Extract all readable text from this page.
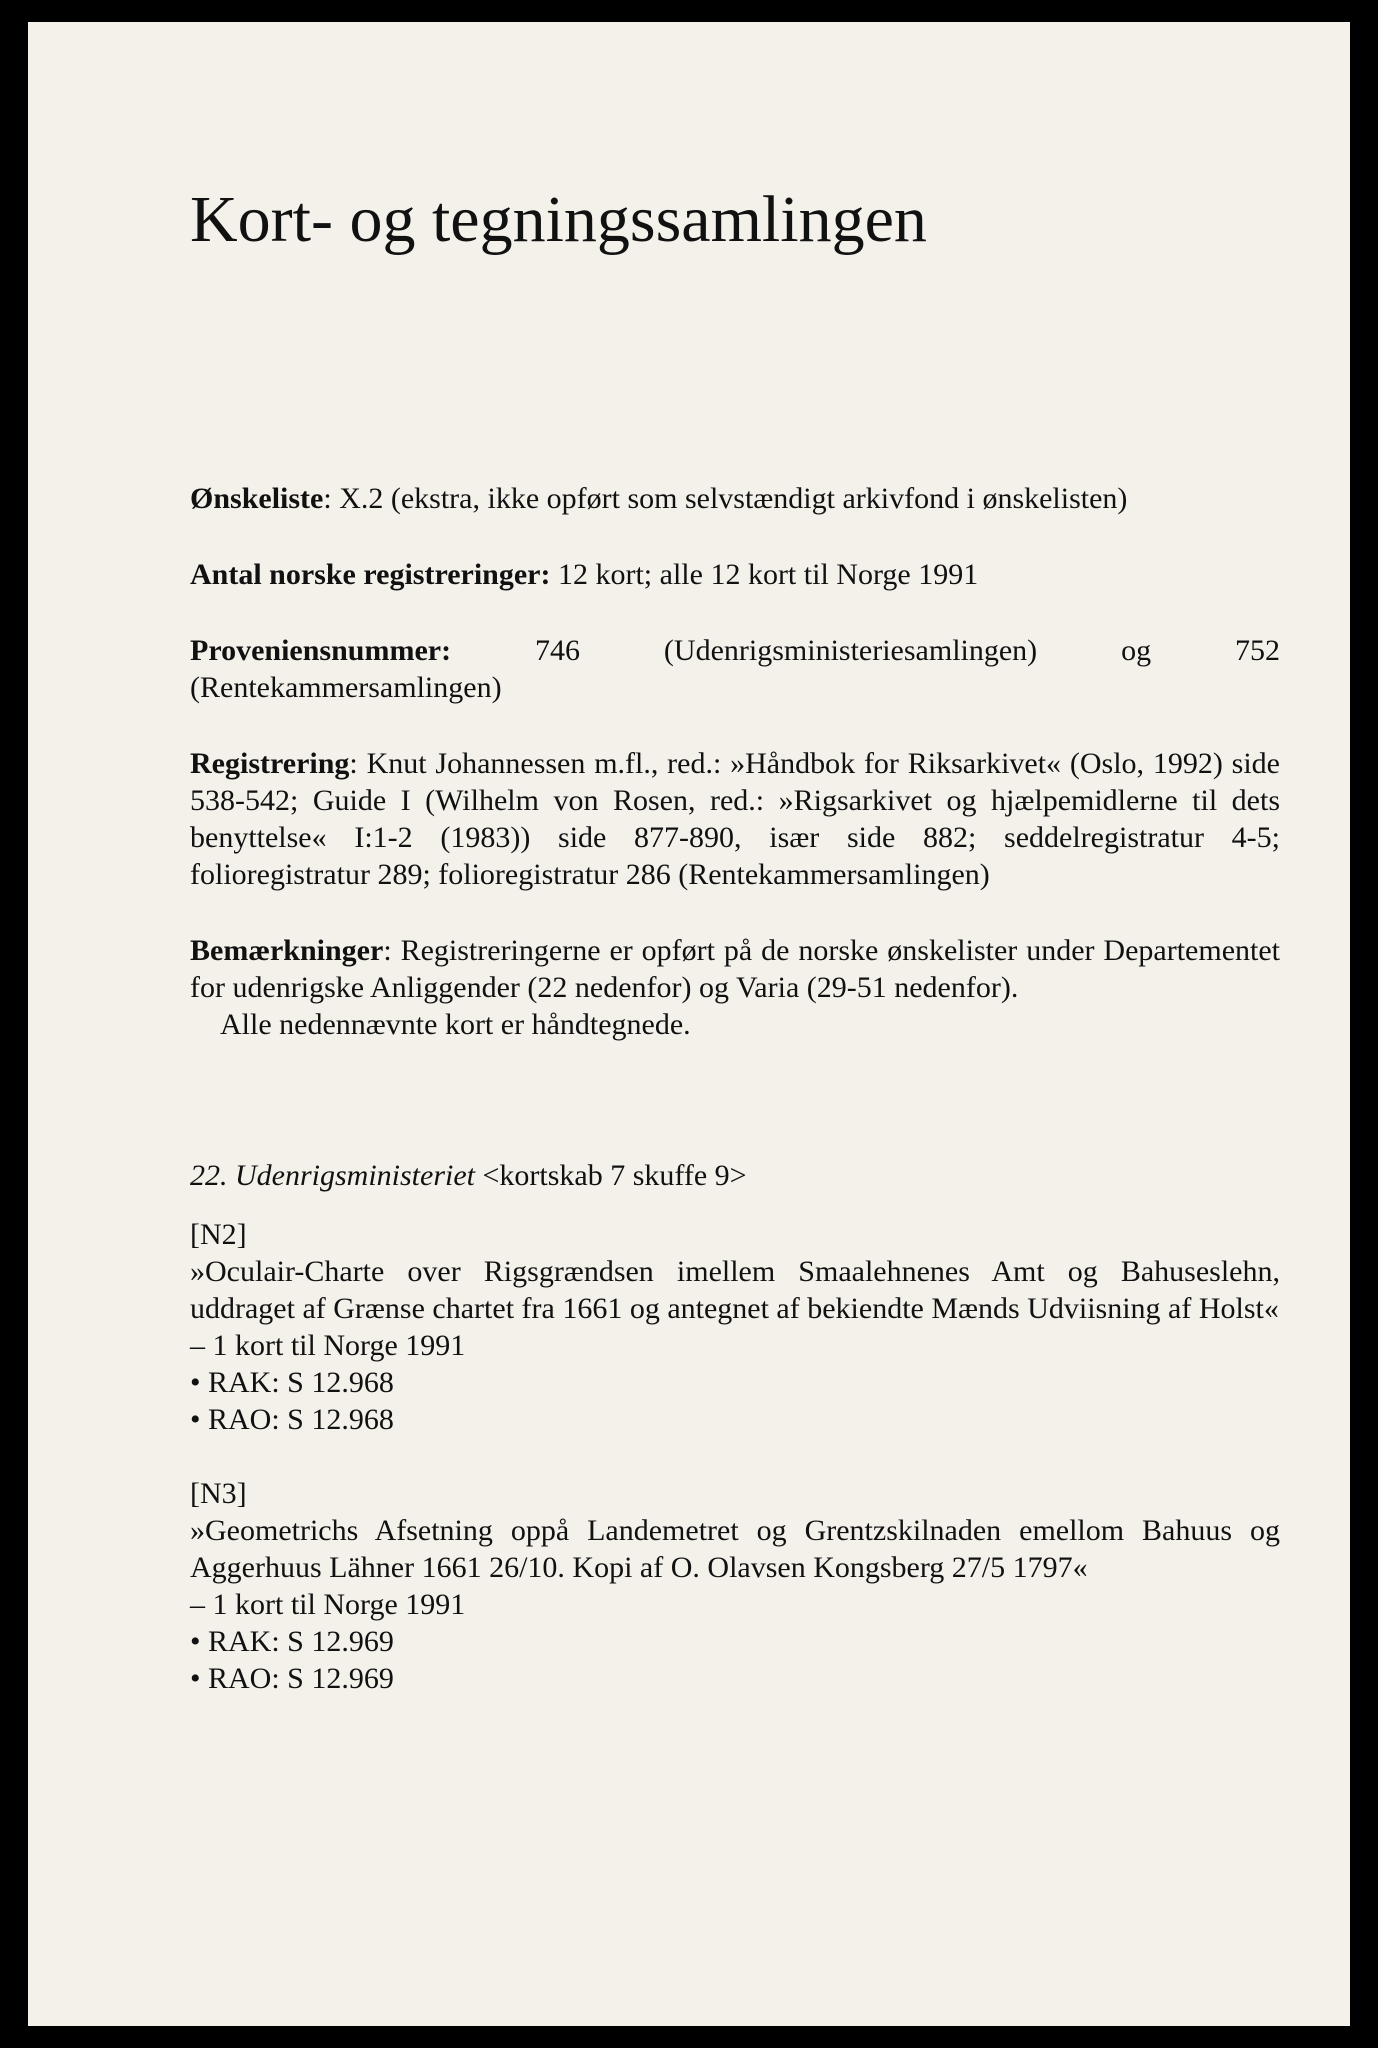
Kort- og tegningssamlingen

Ønskeliste: X.2 (ekstra, ikke opført som selvstændigt arkivfond i ønskelisten)

Antal norske registreringer: 12 kort; alle 12 kort til Norge 1991

Proveniensnummer:	746 (Udenrigsministeriesamlingen) og 752 (Rentekammersamlingen)

Registrering: Knut Johannessen m.fl., red.: »Håndbok for Riksarkivet« (Oslo, 1992) side 538-542; Guide I (Wilhelm von Rosen, red.: »Rigsarkivet og hjælpemidlerne til dets benyttelse« I:1-2 (1983)) side 877-890, især side 882; seddelregistratur 4-5; folioregistratur 289; folioregistratur 286 (Rentekammersamlingen)

Bemærkninger: Registreringerne er opført på de norske ønskelister under Departementet for udenrigske Anliggender (22 nedenfor) og Varia (29-51 nedenfor).
Alle nedennævnte kort er håndtegnede.

22. Udenrigsministeriet <kortskab 7 skuffe 9>

[N2]
»Oculair-Charte over Rigsgrændsen imellem Smaalehnenes Amt og Bahuseslehn, uddraget af Grænse chartet fra 1661 og antegnet af bekiendte Mænds Udviisning af Holst«
– 1 kort til Norge 1991
• RAK: S 12.968
• RAO: S 12.968
[N3]
»Geometrichs Afsetning oppå Landemetret og Grentzskilnaden emellom Bahuus og Aggerhuus Lähner 1661 26/10. Kopi af O. Olavsen Kongsberg 27/5 1797«
– 1 kort til Norge 1991
• RAK: S 12.969
• RAO: S 12.969
